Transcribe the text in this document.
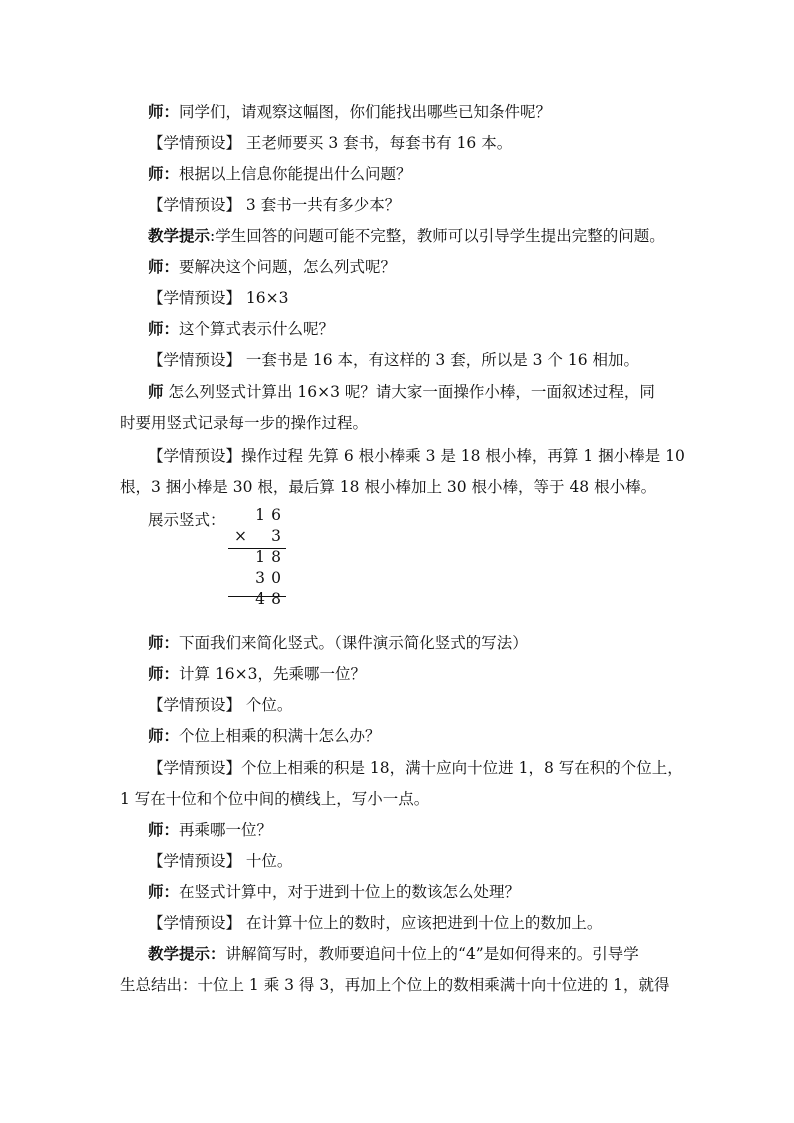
师：同学们，请观察这幅图，你们能找出哪些已知条件呢？
【学情预设】 王老师要买 3 套书，每套书有 16 本。
师：根据以上信息你能提出什么问题？
【学情预设】 3 套书一共有多少本？
教学提示:学生回答的问题可能不完整，教师可以引导学生提出完整的问题。
师：要解决这个问题，怎么列式呢？
【学情预设】 16×3
师：这个算式表示什么呢？
【学情预设】 一套书是 16 本，有这样的 3 套，所以是 3 个 16 相加。
师 怎么列竖式计算出 16×3 呢？请大家一面操作小棒，一面叙述过程，同
时要用竖式记录每一步的操作过程。
【学情预设】操作过程 先算 6 根小棒乘 3 是 18 根小棒，再算 1 捆小棒是 10
根，3 捆小棒是 30 根，最后算 18 根小棒加上 30 根小棒，等于 48 根小棒。
展示竖式： 1 6
× 3
1 8
3 0
4 8
师：下面我们来简化竖式。（课件演示简化竖式的写法）
师：计算 16×3，先乘哪一位？
【学情预设】 个位。
师：个位上相乘的积满十怎么办？
【学情预设】个位上相乘的积是 18，满十应向十位进 1，8 写在积的个位上，
1 写在十位和个位中间的横线上，写小一点。
师：再乘哪一位？
【学情预设】 十位。
师：在竖式计算中，对于进到十位上的数该怎么处理？
【学情预设】 在计算十位上的数时，应该把进到十位上的数加上。
教学提示：讲解简写时，教师要追问十位上的“4”是如何得来的。引导学
生总结出：十位上 1 乘 3 得 3，再加上个位上的数相乘满十向十位进的 1，就得
